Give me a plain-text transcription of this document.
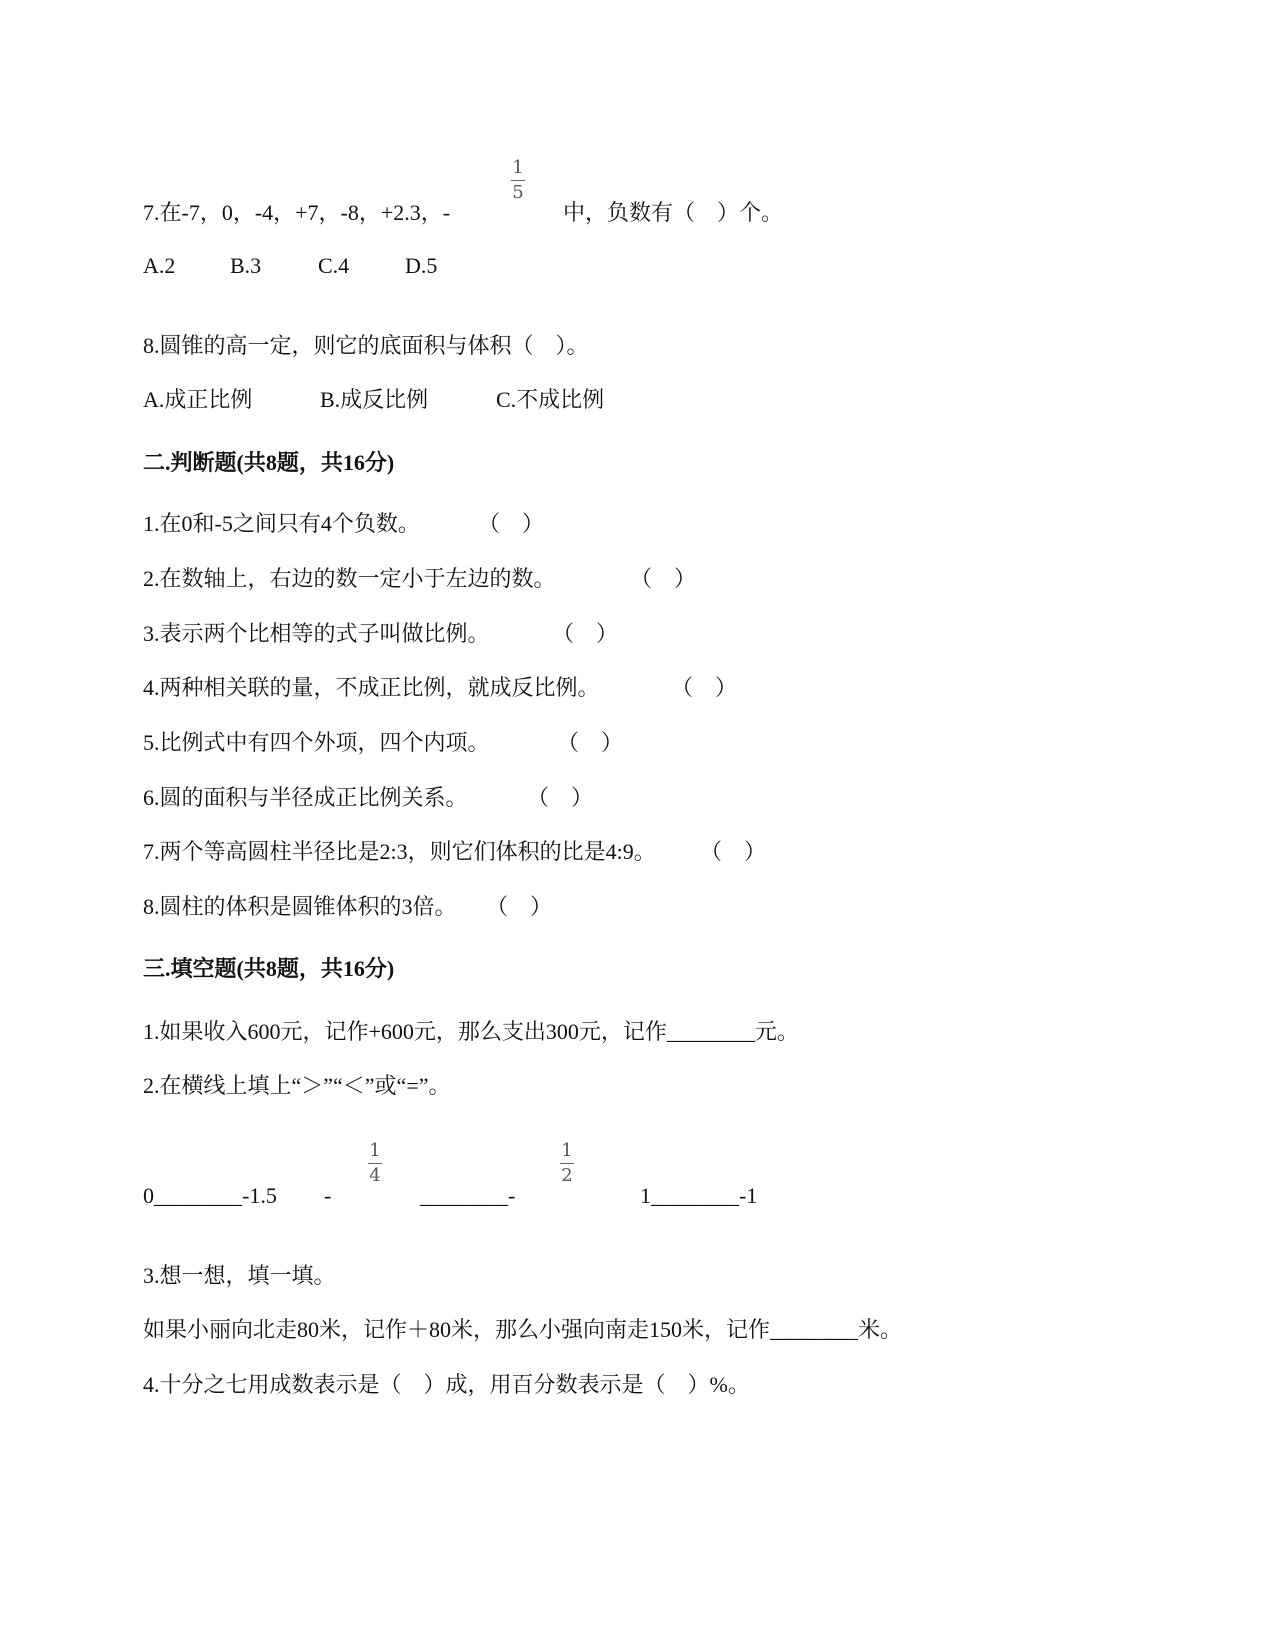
7.在-7，0，-4，+7，-8，+2.3，-	中，负数有（    ）个。
1
5
A.2 B.3	C.4	D.5
8.圆锥的高一定，则它的底面积与体积（    ）。
A.成正比例	B.成反比例	C.不成比例
二.判断题(共8题，共16分)
1.在0和-5之间只有4个负数。	（    ）
2.在数轴上，右边的数一定小于左边的数。	（    ）
3.表示两个比相等的式子叫做比例。	（    ）
4.两种相关联的量，不成正比例，就成反比例。	（    ）
5.比例式中有四个外项，四个内项。	（    ）
6.圆的面积与半径成正比例关系。	（    ）
7.两个等高圆柱半径比是2:3，则它们体积的比是4:9。 （    ）
8.圆柱的体积是圆锥体积的3倍。 （    ）
三.填空题(共8题，共16分)
1.如果收入600元，记作+600元，那么支出300元，记作________元。
2.在横线上填上“＞”“＜”或“=”。
0________-1.5 -	________-	1________-1
1
4
1
2
3.想一想，填一填。
如果小丽向北走80米，记作＋80米，那么小强向南走150米，记作________米。
4.十分之七用成数表示是（    ）成，用百分数表示是（    ）%。
